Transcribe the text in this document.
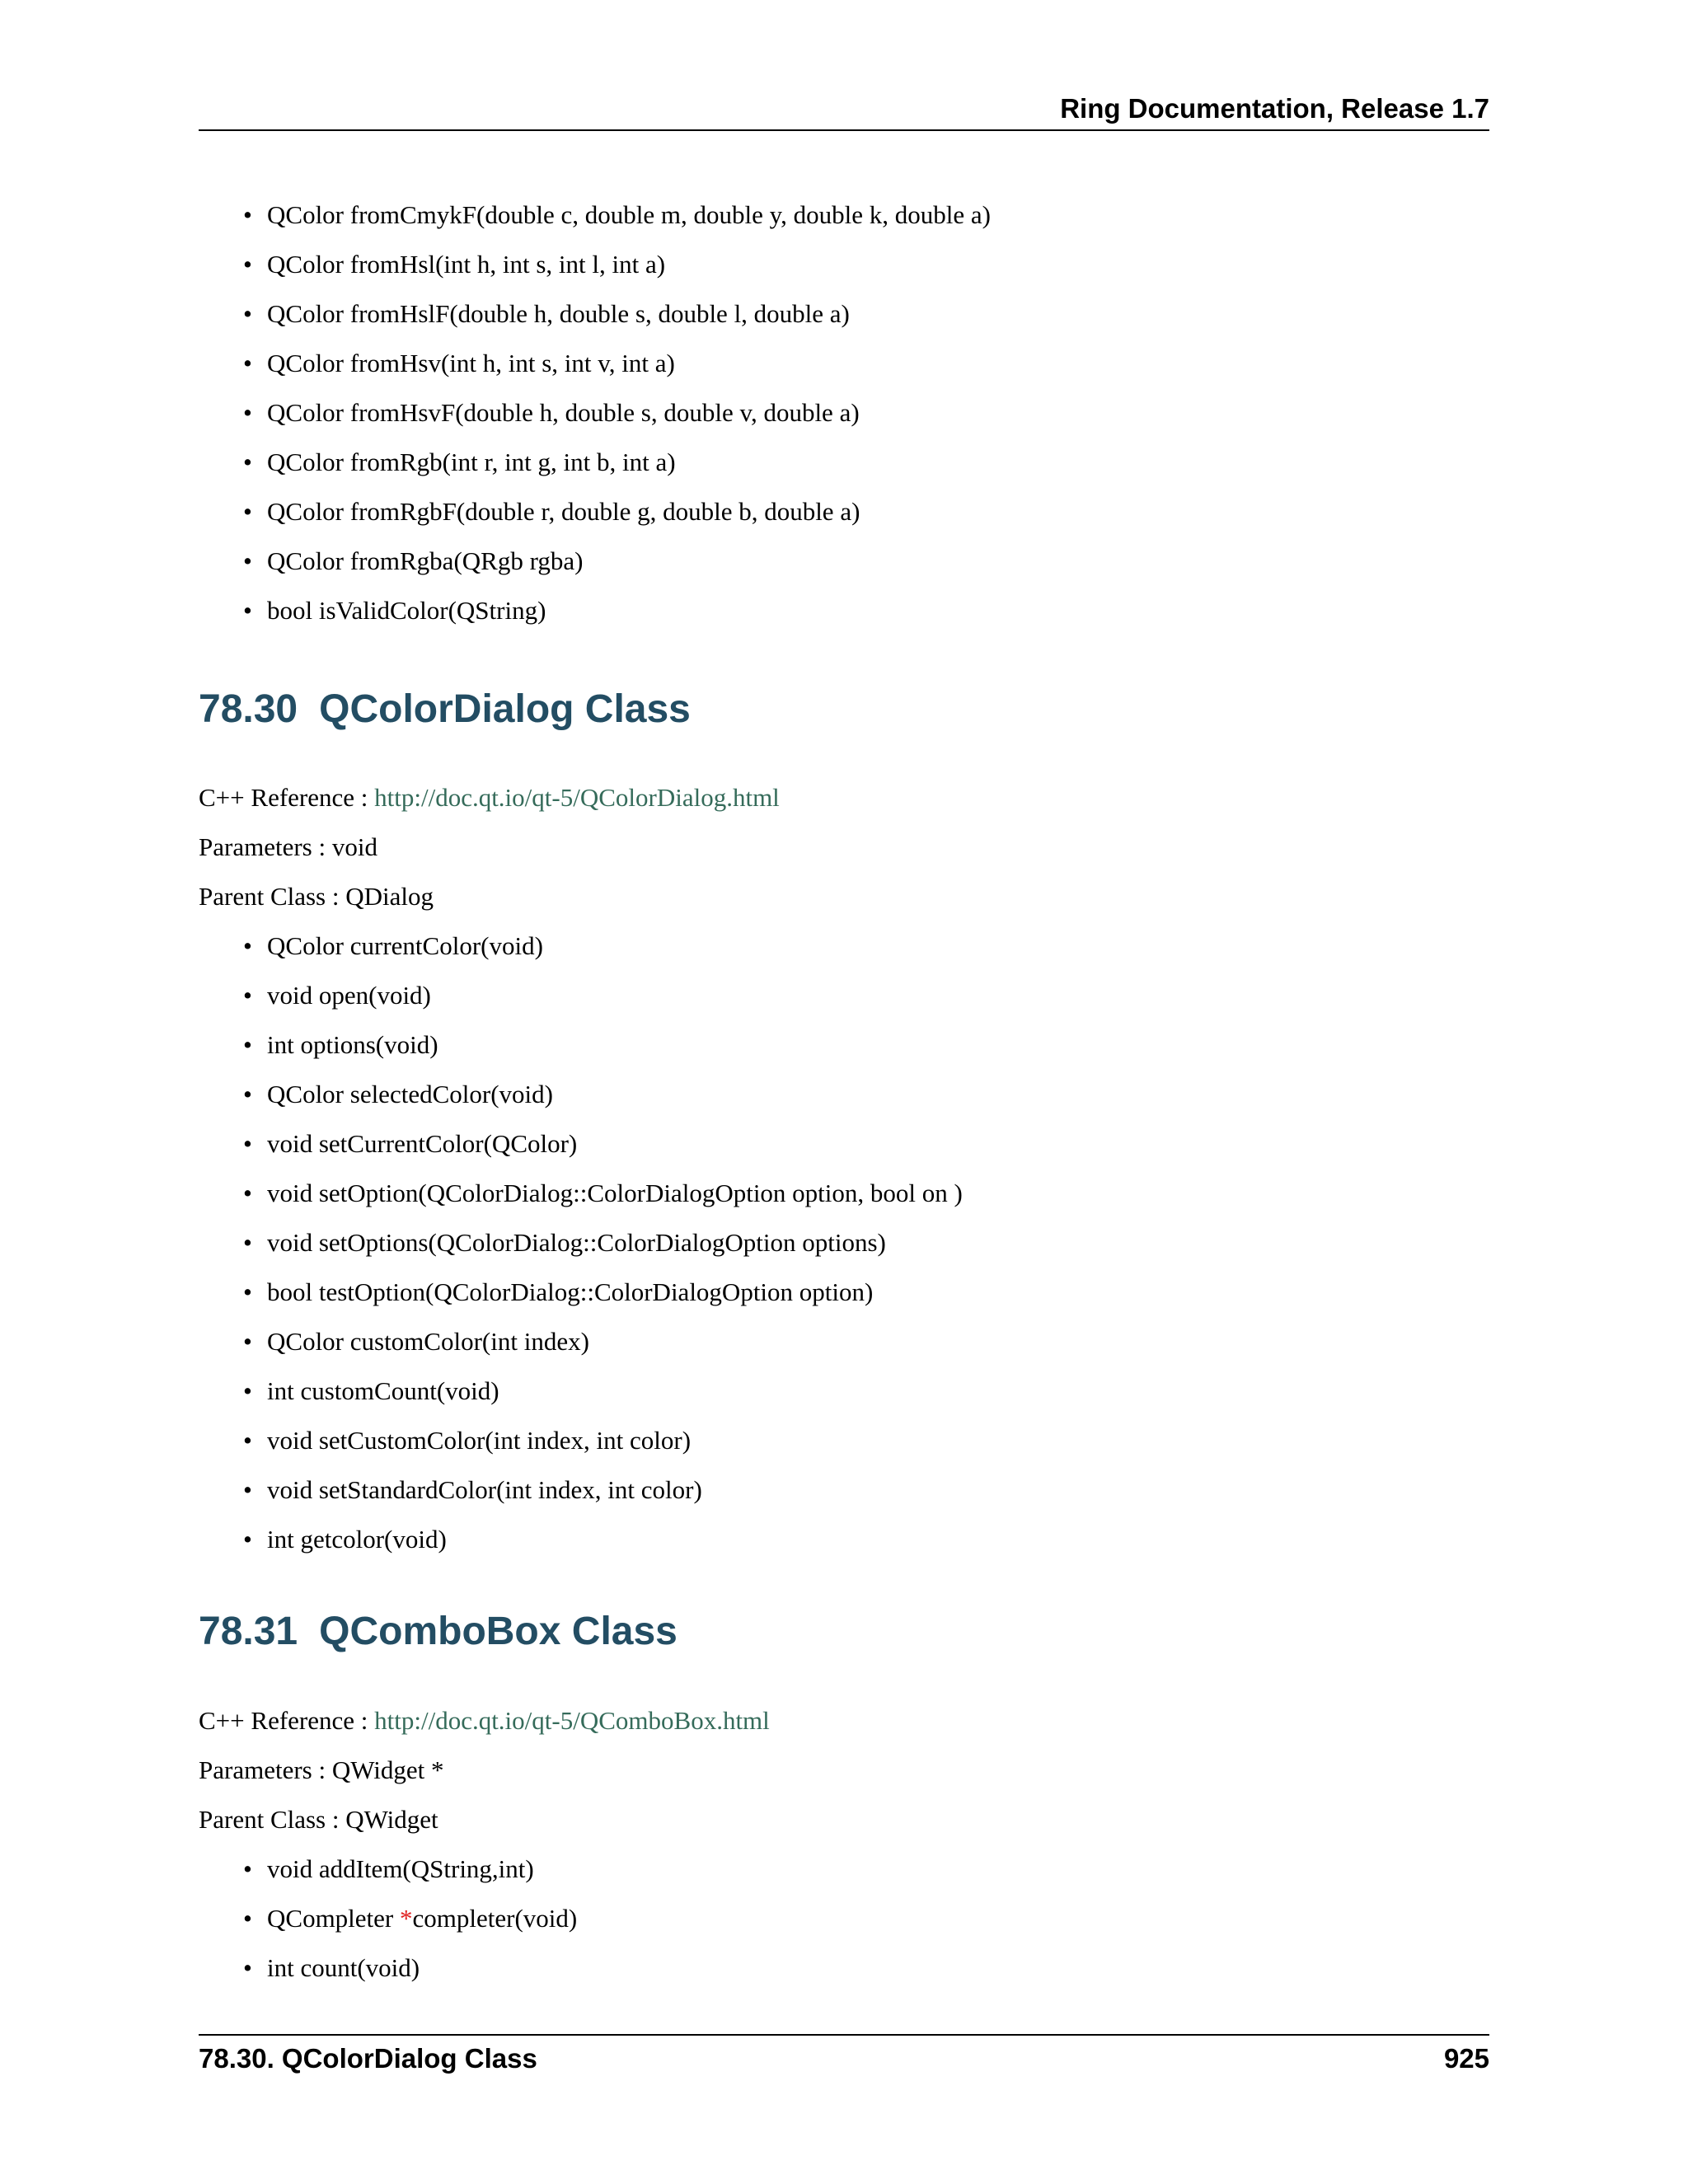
Ring Documentation, Release 1.7
• QColor fromCmykF(double c, double m, double y, double k, double a)
• QColor fromHsl(int h, int s, int l, int a)
• QColor fromHslF(double h, double s, double l, double a)
• QColor fromHsv(int h, int s, int v, int a)
• QColor fromHsvF(double h, double s, double v, double a)
• QColor fromRgb(int r, int g, int b, int a)
• QColor fromRgbF(double r, double g, double b, double a)
• QColor fromRgba(QRgb rgba)
• bool isValidColor(QString)
78.30 QColorDialog Class

C++ Reference : http://doc.qt.io/qt-5/QColorDialog.html

Parameters : void

Parent Class : QDialog

• QColor currentColor(void)
• void open(void)
• int options(void)
• QColor selectedColor(void)
• void setCurrentColor(QColor)
• void setOption(QColorDialog::ColorDialogOption option, bool on )
• void setOptions(QColorDialog::ColorDialogOption options)
• bool testOption(QColorDialog::ColorDialogOption option)
• QColor customColor(int index)
• int customCount(void)
• void setCustomColor(int index, int color)
• void setStandardColor(int index, int color)
• int getcolor(void)
78.31 QComboBox Class

C++ Reference : http://doc.qt.io/qt-5/QComboBox.html

Parameters : QWidget *

Parent Class : QWidget

• void addItem(QString,int)
• QCompleter *completer(void)
• int count(void)
78.30. QColorDialog Class	925
